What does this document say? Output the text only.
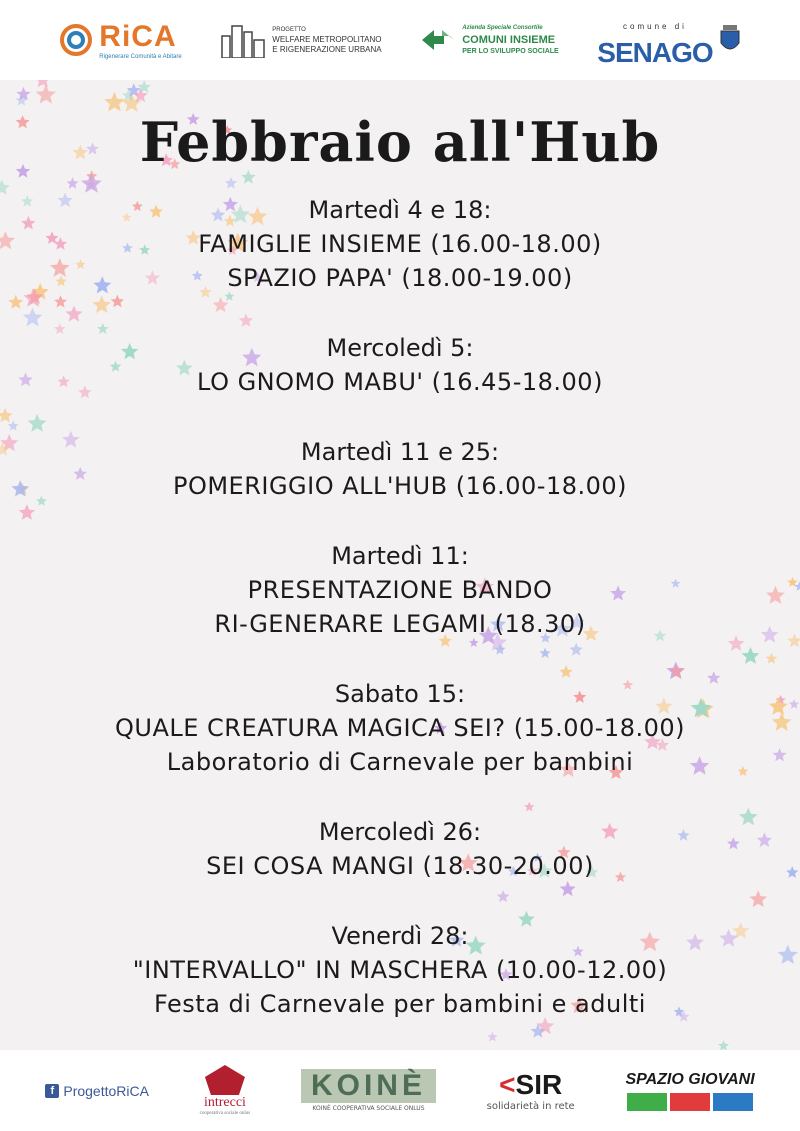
RiCA
Rigenerare Comunità e Abitare
PROGETTO
WELFARE METROPOLITANO
E RIGENERAZIONE URBANA
Azienda Speciale Consortile
COMUNI INSIEME
PER LO SVILUPPO SOCIALE
comune di
SENAGO
Febbraio all'Hub
Martedì 4 e 18:
FAMIGLIE INSIEME (16.00-18.00)
SPAZIO PAPA' (18.00-19.00)
Mercoledì 5:
LO GNOMO MABU' (16.45-18.00)
Martedì 11 e 25:
POMERIGGIO ALL'HUB (16.00-18.00)
Martedì 11:
PRESENTAZIONE BANDO
RI-GENERARE LEGAMI (18.30)
Sabato 15:
QUALE CREATURA MAGICA SEI? (15.00-18.00)
Laboratorio di Carnevale per bambini
Mercoledì 26:
SEI COSA MANGI (18.30-20.00)
Venerdì 28:
"INTERVALLO" IN MASCHERA (10.00-12.00)
Festa di Carnevale per bambini e adulti
f ProgettoRiCA
intrecci
cooperativa sociale onlus
KOINÈ
KOINÈ COOPERATIVA SOCIALE ONLUS
<SIR
solidarietà in rete
SPAZIO GIOVANI
